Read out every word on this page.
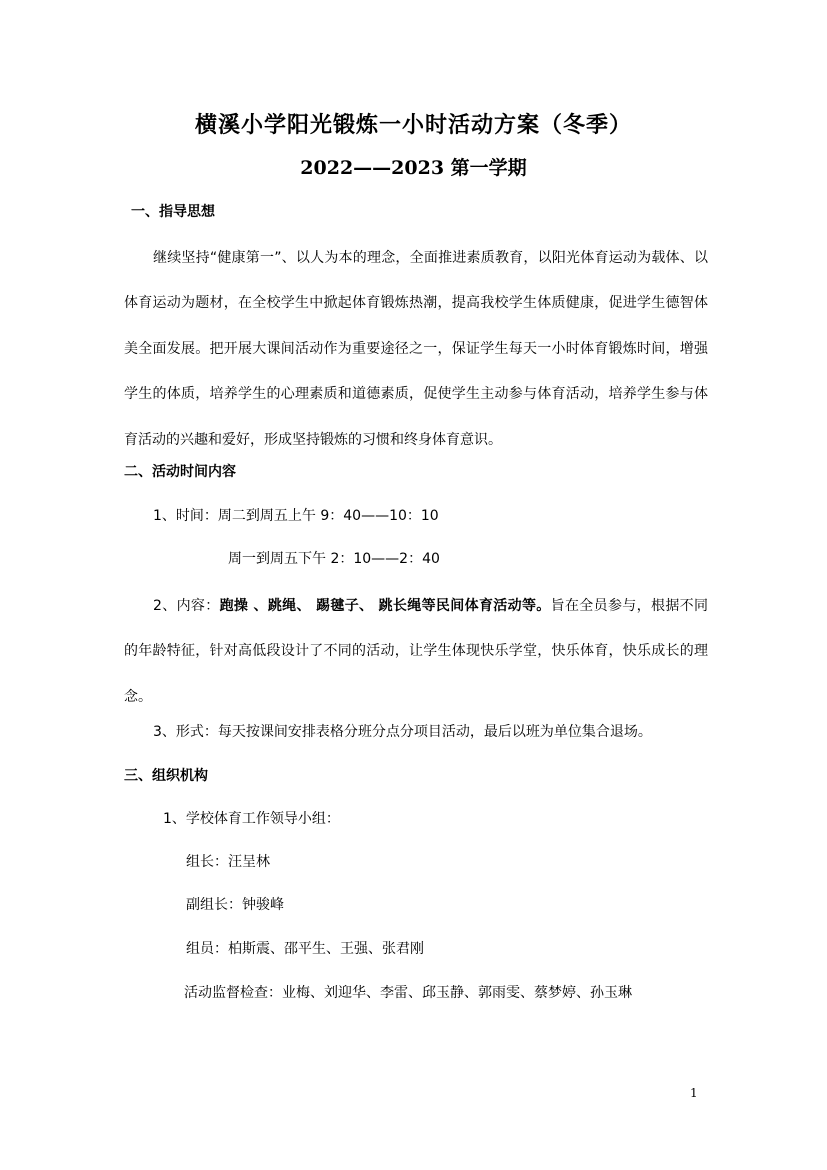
横溪小学阳光锻炼一小时活动方案（冬季）
2022——2023 第一学期
一、指导思想

继续坚持“健康第一”、以人为本的理念，全面推进素质教育，以阳光体育运动为载体、以体育运动为题材，在全校学生中掀起体育锻炼热潮，提高我校学生体质健康，促进学生德智体美全面发展。把开展大课间活动作为重要途径之一，保证学生每天一小时体育锻炼时间，增强学生的体质，培养学生的心理素质和道德素质，促使学生主动参与体育活动，培养学生参与体育活动的兴趣和爱好，形成坚持锻炼的习惯和终身体育意识。

二、活动时间内容
1、时间：周二到周五上午 9：40——10：10
周一到周五下午 2：10——2：40

2、内容：跑操 、跳绳、 踢毽子、 跳长绳等民间体育活动等。旨在全员参与，根据不同的年龄特征，针对高低段设计了不同的活动，让学生体现快乐学堂，快乐体育，快乐成长的理念。

3、形式：每天按课间安排表格分班分点分项目活动，最后以班为单位集合退场。
三、组织机构
1、学校体育工作领导小组：
组长：汪呈林
副组长：钟骏峰
组员：柏斯震、邵平生、王强、张君刚
活动监督检查：业梅、刘迎华、李雷、邱玉静、郭雨雯、蔡梦婷、孙玉琳
1
